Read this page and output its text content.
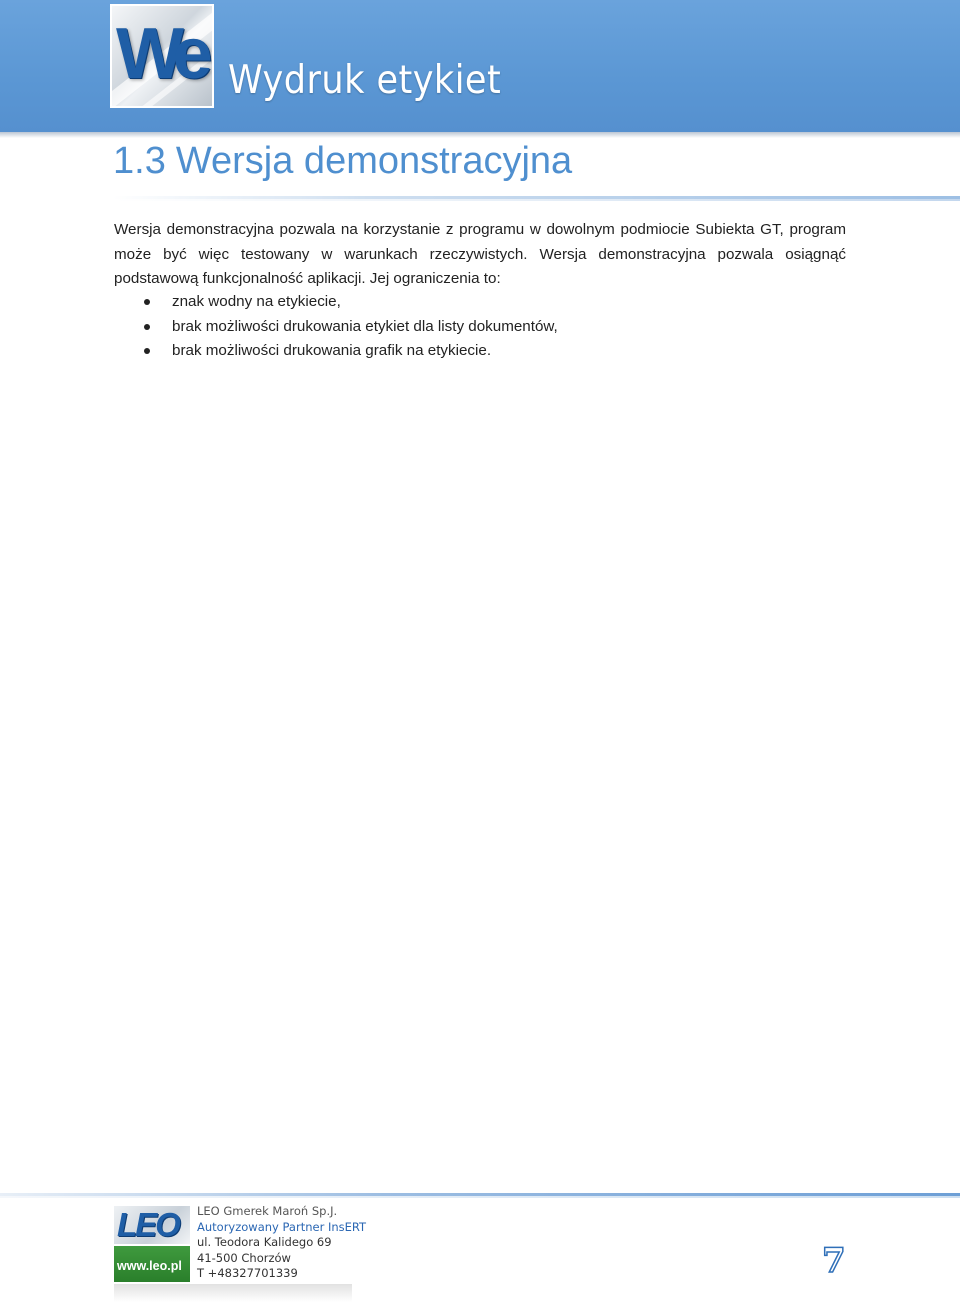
We Wydruk etykiet
1.3 Wersja demonstracyjna

Wersja demonstracyjna pozwala na korzystanie z programu w dowolnym podmiocie Subiekta GT, program może być więc testowany w warunkach rzeczywistych. Wersja demonstracyjna pozwala osiągnąć podstawową funkcjonalność aplikacji. Jej ograniczenia to:

znak wodny na etykiecie,
brak możliwości drukowania etykiet dla listy dokumentów,
brak możliwości drukowania grafik na etykiecie.
LEO
www.leo.pl
LEO Gmerek Maroń Sp.J.
Autoryzowany Partner InsERT
ul. Teodora Kalidego 69
41-500 Chorzów
T +48327701339	7
